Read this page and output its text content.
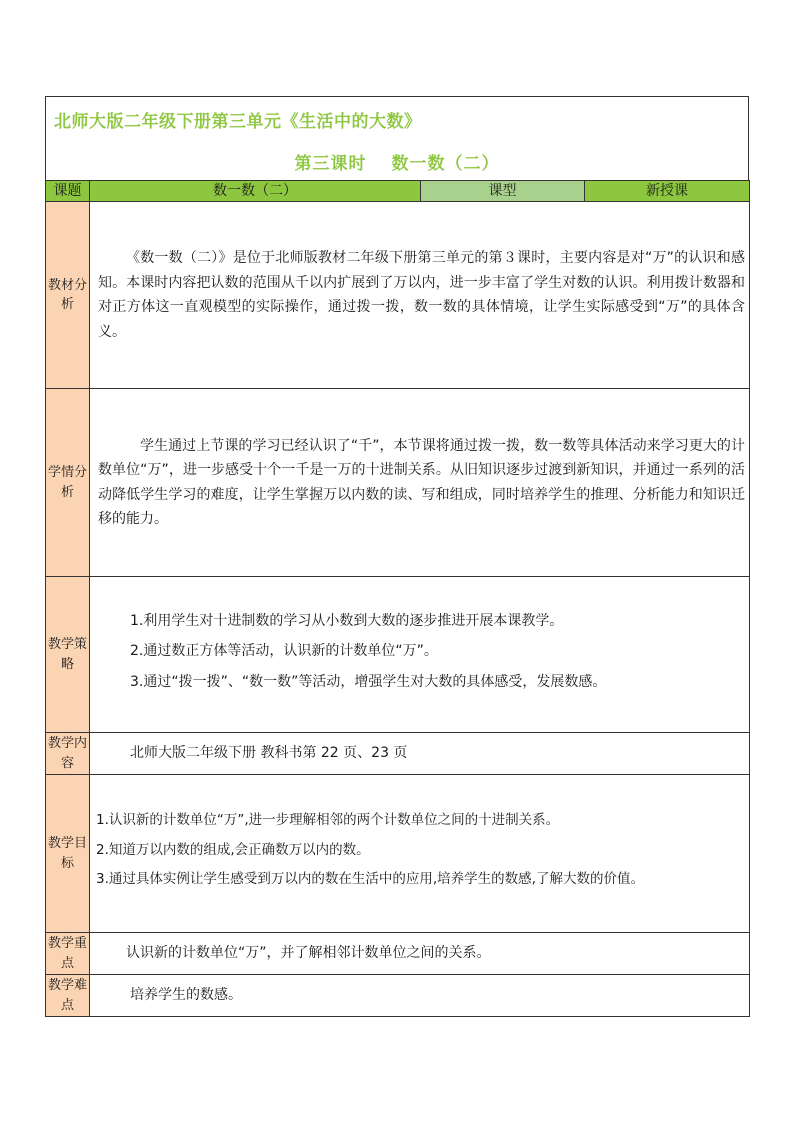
北师大版二年级下册第三单元《生活中的大数》
第三课时　 数一数（二）
课题	数一数（二）	课型	新授课
教材分析	《数一数（二）》是位于北师版教材二年级下册第三单元的第３课时，主要内容是对“万”的认识和感知。本课时内容把认数的范围从千以内扩展到了万以内，进一步丰富了学生对数的认识。利用拨计数器和对正方体这一直观模型的实际操作，通过拨一拨，数一数的具体情境，让学生实际感受到“万”的具体含义。		

学情分析	学生通过上节课的学习已经认识了“千”，本节课将通过拨一拨，数一数等具体活动来学习更大的计数单位“万”，进一步感受十个一千是一万的十进制关系。从旧知识逐步过渡到新知识，并通过一系列的活动降低学生学习的难度，让学生掌握万以内数的读、写和组成，同时培养学生的推理、分析能力和知识迁移的能力。		

教学策略	1.利用学生对十进制数的学习从小数到大数的逐步推进开展本课教学。

2.通过数正方体等活动，认识新的计数单位“万”。

3.通过“拨一拨”、“数一数”等活动，增强学生对大数的具体感受，发展数感。		

教学内容	北师大版二年级下册 教科书第 22 页、23 页		

教学目标	1.认识新的计数单位“万”,进一步理解相邻的两个计数单位之间的十进制关系。

2.知道万以内数的组成,会正确数万以内的数。

3.通过具体实例让学生感受到万以内的数在生活中的应用,培养学生的数感,了解大数的价值。		

教学重点	认识新的计数单位“万”，并了解相邻计数单位之间的关系。		

教学难点	培养学生的数感。		
